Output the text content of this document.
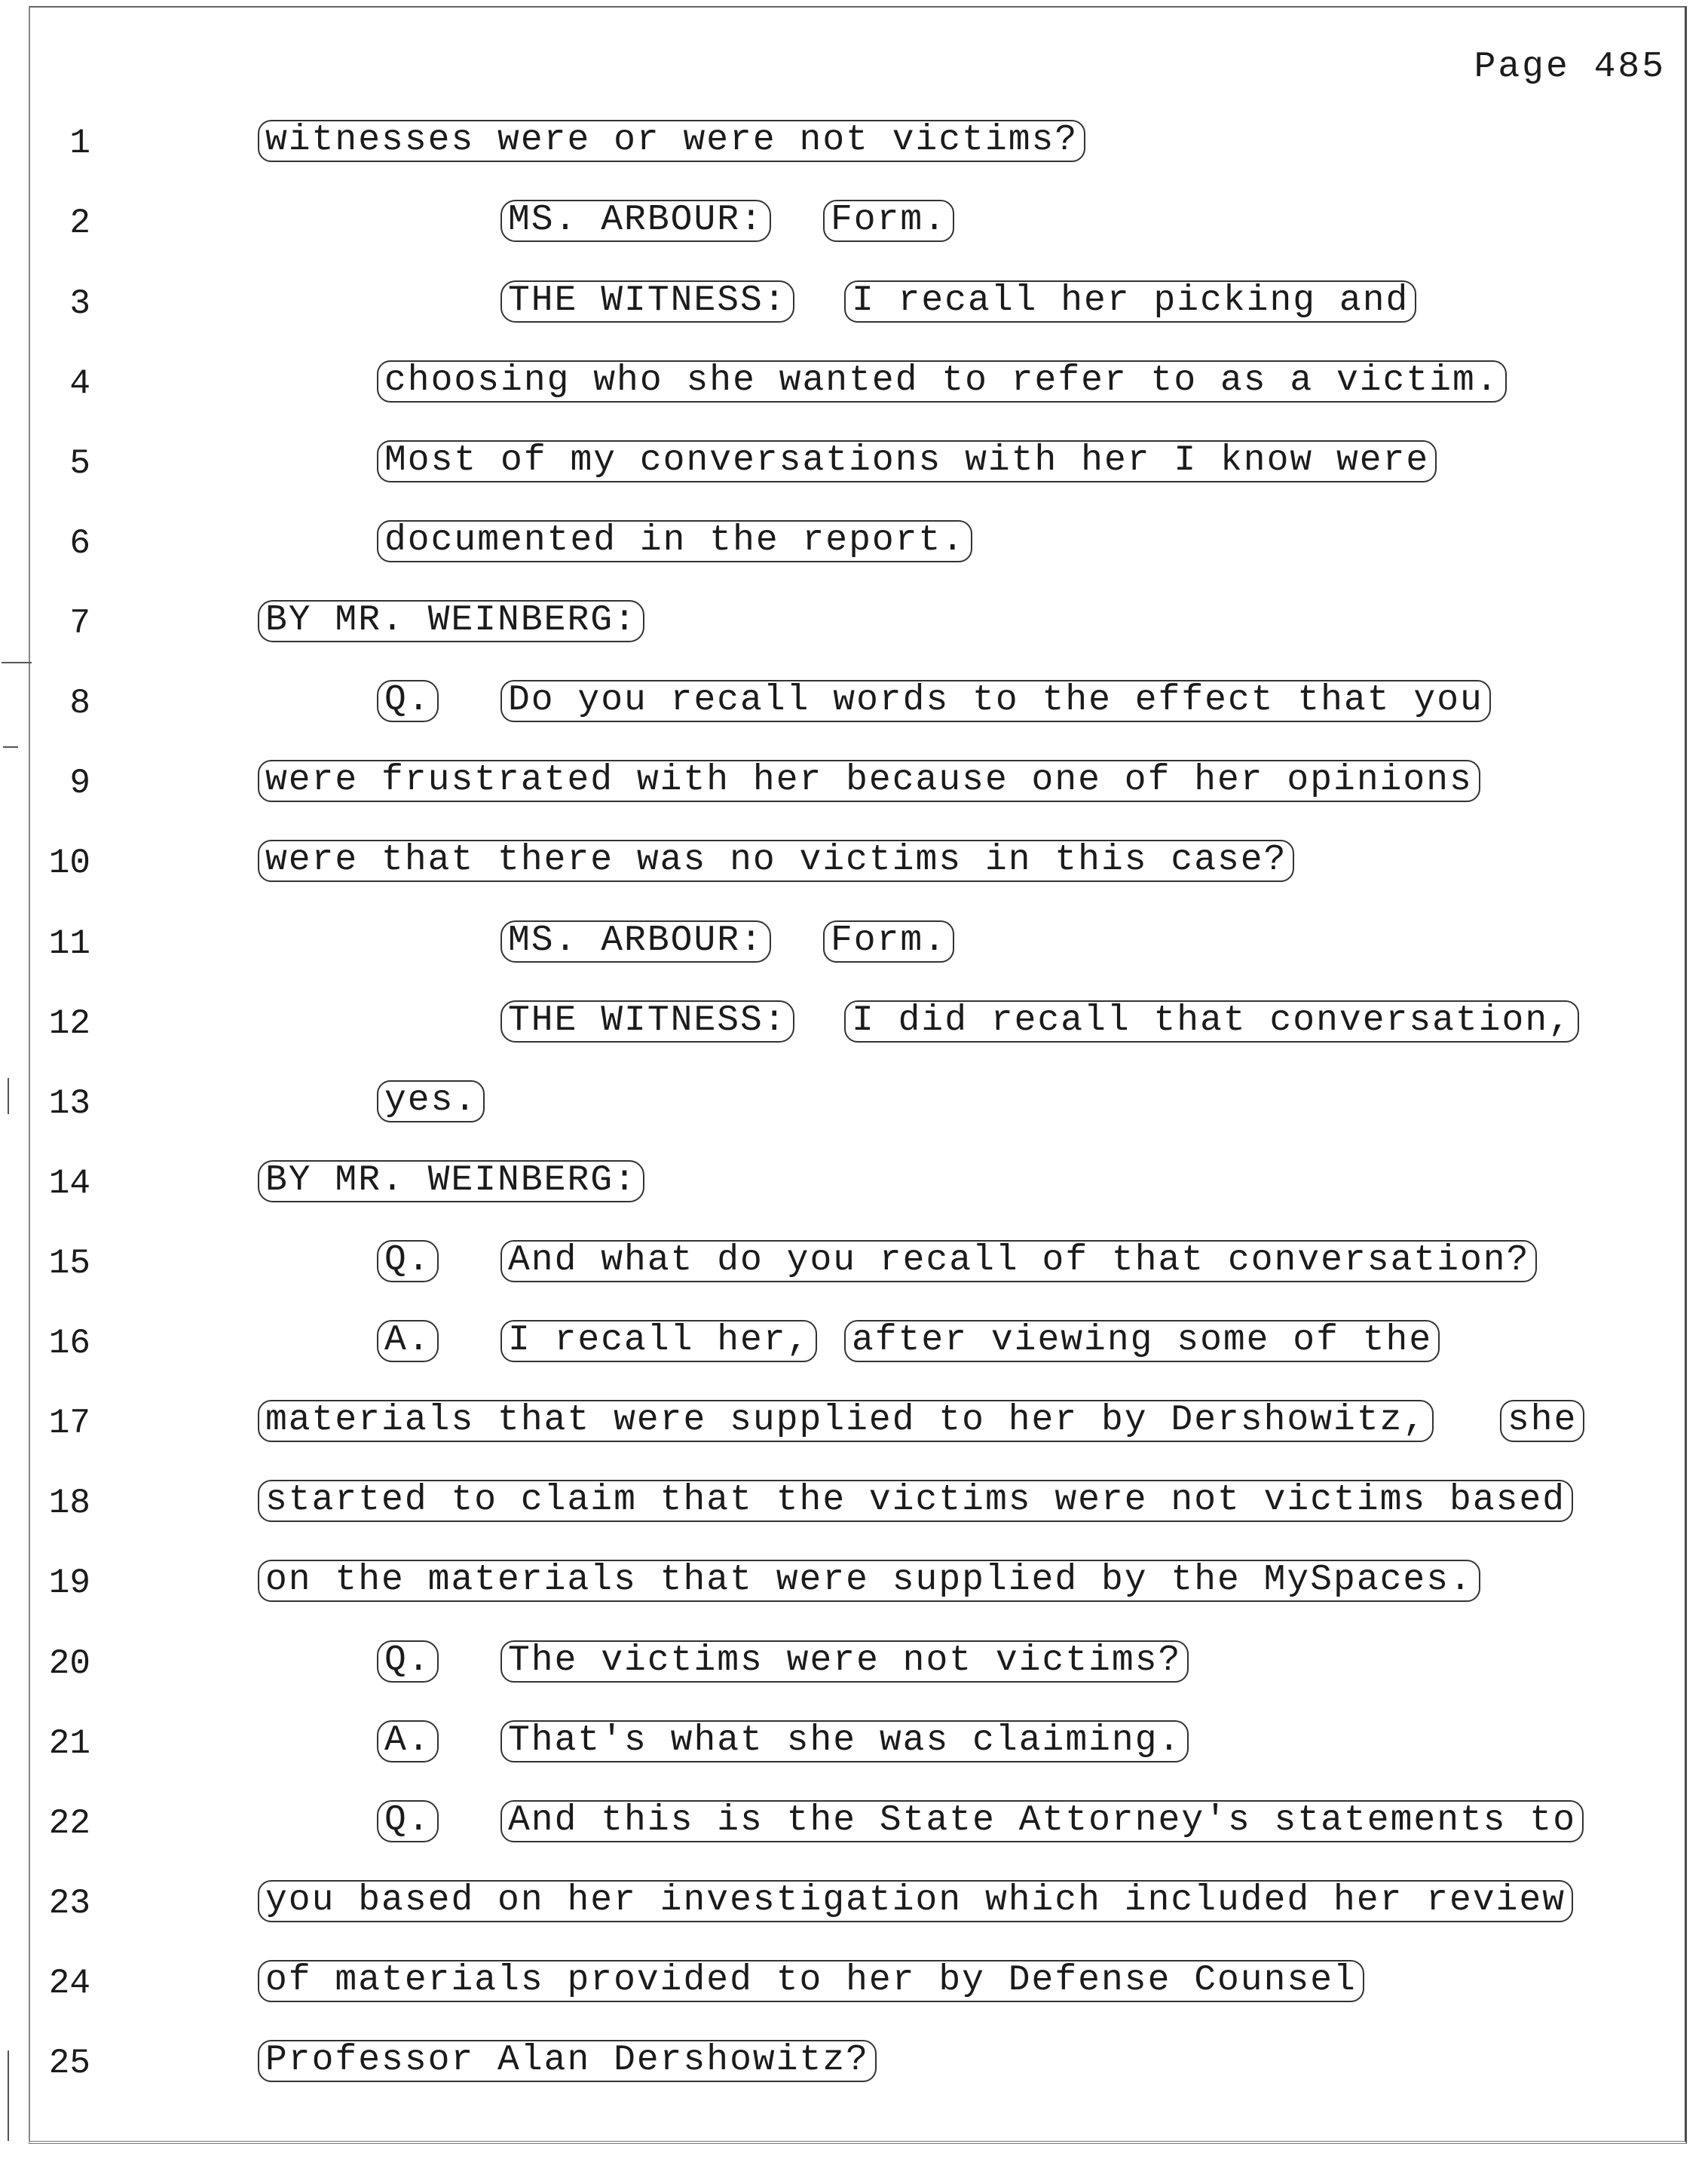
Page 485
1	witnesses were or were not victims?
2	MS. ARBOUR: Form.
3	THE WITNESS: I recall her picking and
4	choosing who she wanted to refer to as a victim.
5	Most of my conversations with her I know were
6	documented in the report.
7	BY MR. WEINBERG:
8	Q. Do you recall words to the effect that you
9	were frustrated with her because one of her opinions
10	were that there was no victims in this case?
11	MS. ARBOUR: Form.
12	THE WITNESS: I did recall that conversation,
13	yes.
14	BY MR. WEINBERG:
15	Q. And what do you recall of that conversation?
16	A. I recall her, after viewing some of the
17	materials that were supplied to her by Dershowitz, she
18	started to claim that the victims were not victims based
19	on the materials that were supplied by the MySpaces.
20	Q. The victims were not victims?
21	A. That's what she was claiming.
22	Q. And this is the State Attorney's statements to
23	you based on her investigation which included her review
24	of materials provided to her by Defense Counsel
25	Professor Alan Dershowitz?
